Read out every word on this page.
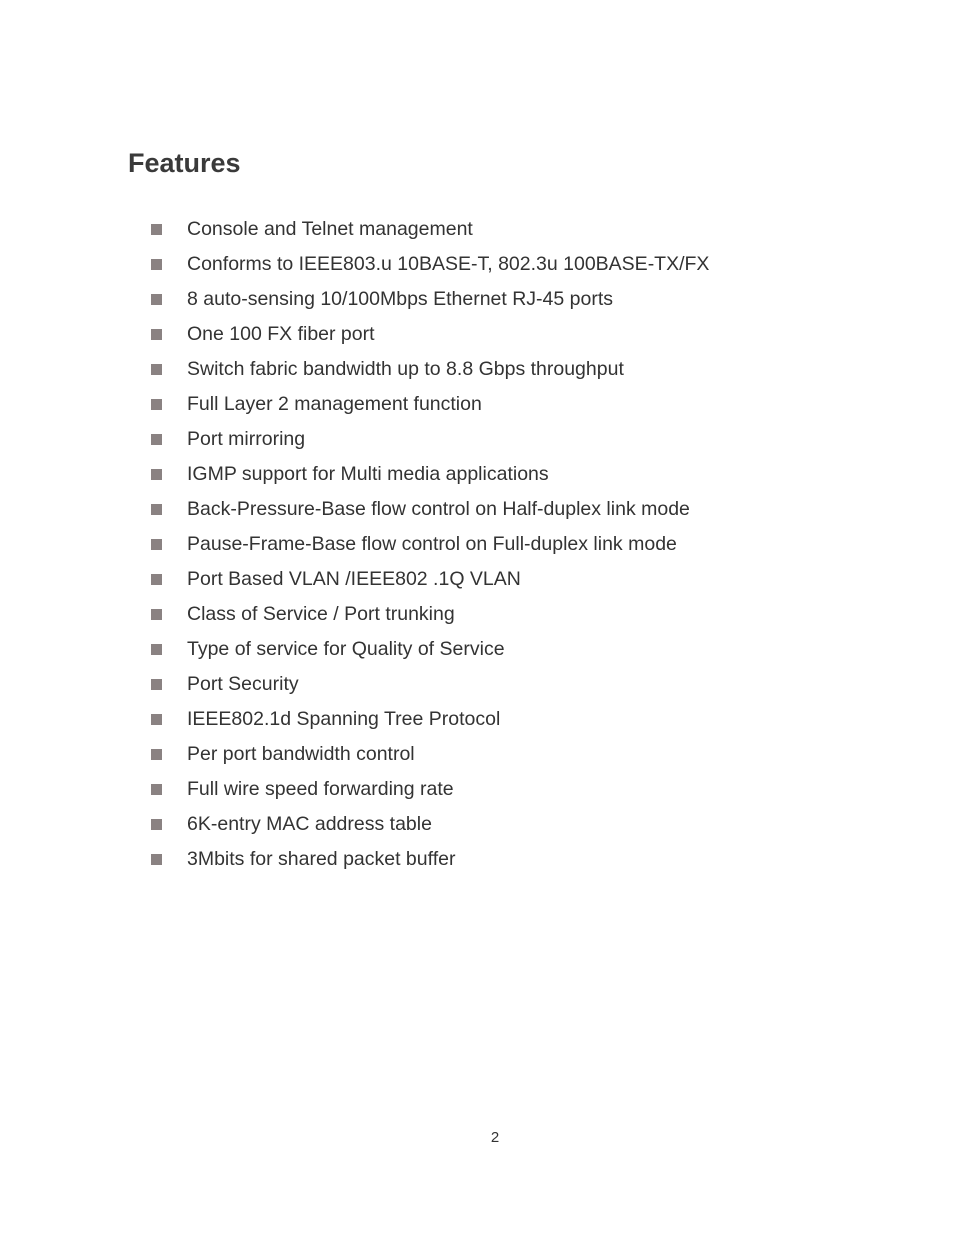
Features
Console and Telnet management
Conforms to IEEE803.u 10BASE-T, 802.3u 100BASE-TX/FX
8 auto-sensing 10/100Mbps Ethernet RJ-45 ports
One 100 FX fiber port
Switch fabric bandwidth up to 8.8 Gbps throughput
Full Layer 2 management function
Port mirroring
IGMP support for Multi media applications
Back-Pressure-Base flow control on Half-duplex link mode
Pause-Frame-Base flow control on Full-duplex link mode
Port Based VLAN /IEEE802 .1Q VLAN
Class of Service / Port trunking
Type of service for Quality of Service
Port Security
IEEE802.1d Spanning Tree Protocol
Per port bandwidth control
Full wire speed forwarding rate
6K-entry MAC address table
3Mbits for shared packet buffer
2
